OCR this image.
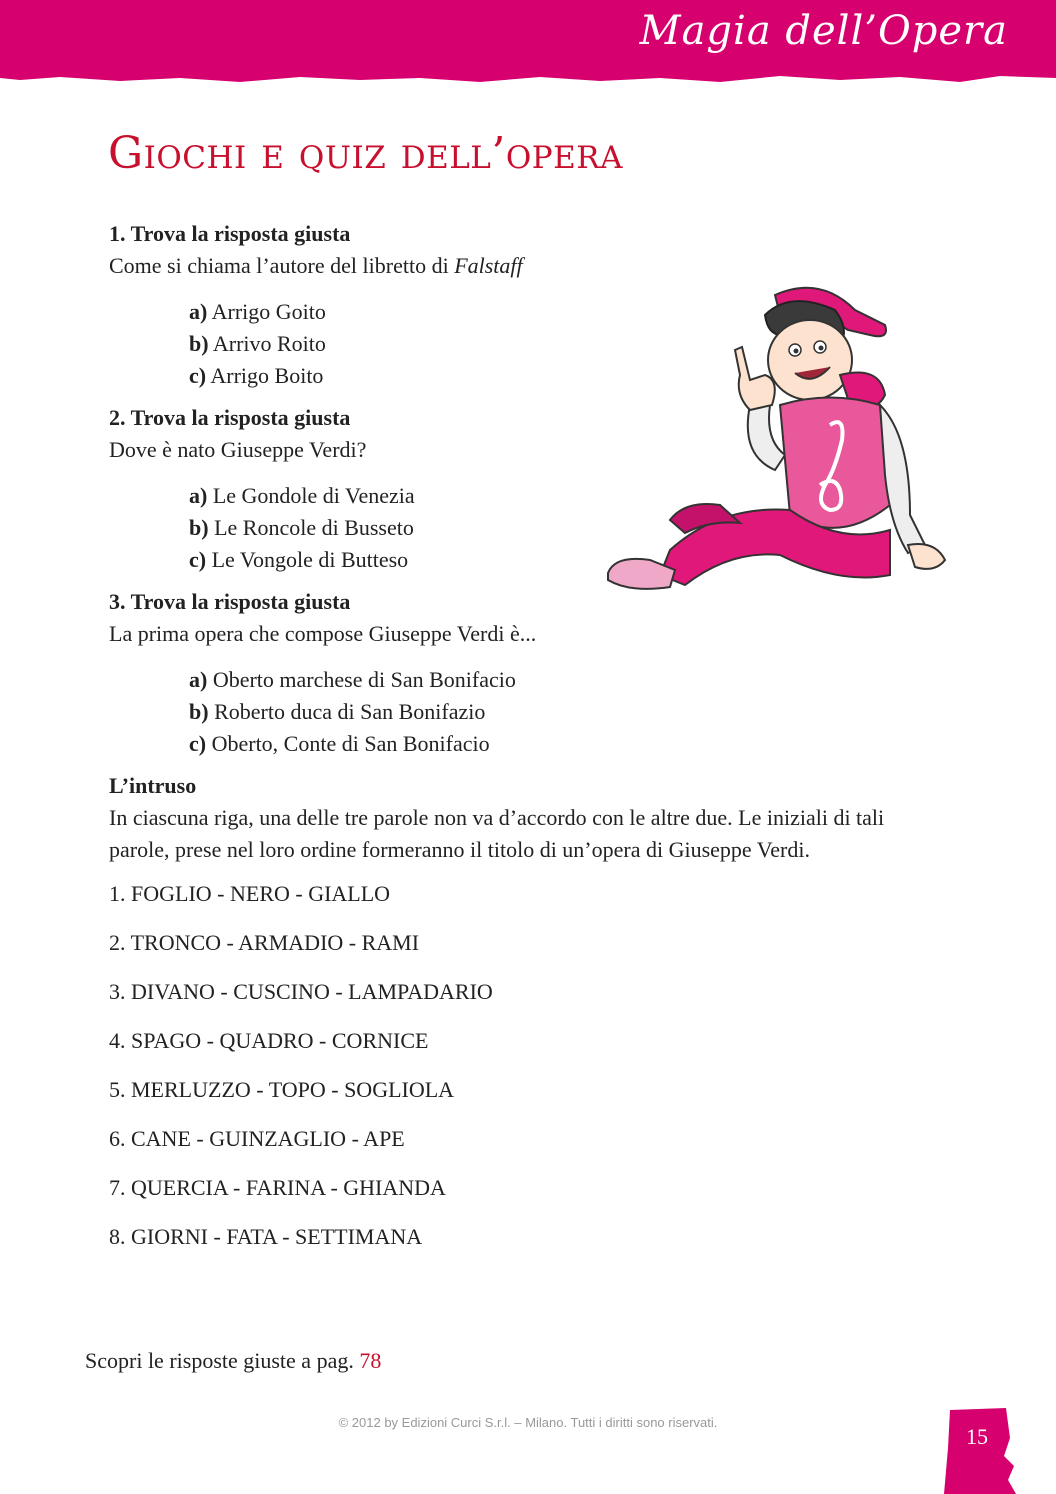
Magia dell’Opera
Giochi e quiz dell’opera

1. Trova la risposta giusta

Come si chiama l’autore del libretto di Falstaff

a) Arrigo Goito
b) Arrivo Roito
c) Arrigo Boito

2. Trova la risposta giusta

Dove è nato Giuseppe Verdi?

a) Le Gondole di Venezia
b) Le Roncole di Busseto
c) Le Vongole di Butteso

3. Trova la risposta giusta

La prima opera che compose Giuseppe Verdi è...

a) Oberto marchese di San Bonifacio
b) Roberto duca di San Bonifazio
c) Oberto, Conte di San Bonifacio

L’intruso

In ciascuna riga, una delle tre parole non va d’accordo con le altre due. Le iniziali di tali parole, prese nel loro ordine formeranno il titolo di un’opera di Giuseppe Verdi.

1. FOGLIO - NERO - GIALLO
2. TRONCO - ARMADIO - RAMI
3. DIVANO - CUSCINO - LAMPADARIO
4. SPAGO - QUADRO - CORNICE
5. MERLUZZO - TOPO - SOGLIOLA
6. CANE - GUINZAGLIO - APE
7. QUERCIA - FARINA - GHIANDA
8. GIORNI - FATA - SETTIMANA

Scopri le risposte giuste a pag. 78

© 2012 by Edizioni Curci S.r.l. – Milano. Tutti i diritti sono riservati.

15
